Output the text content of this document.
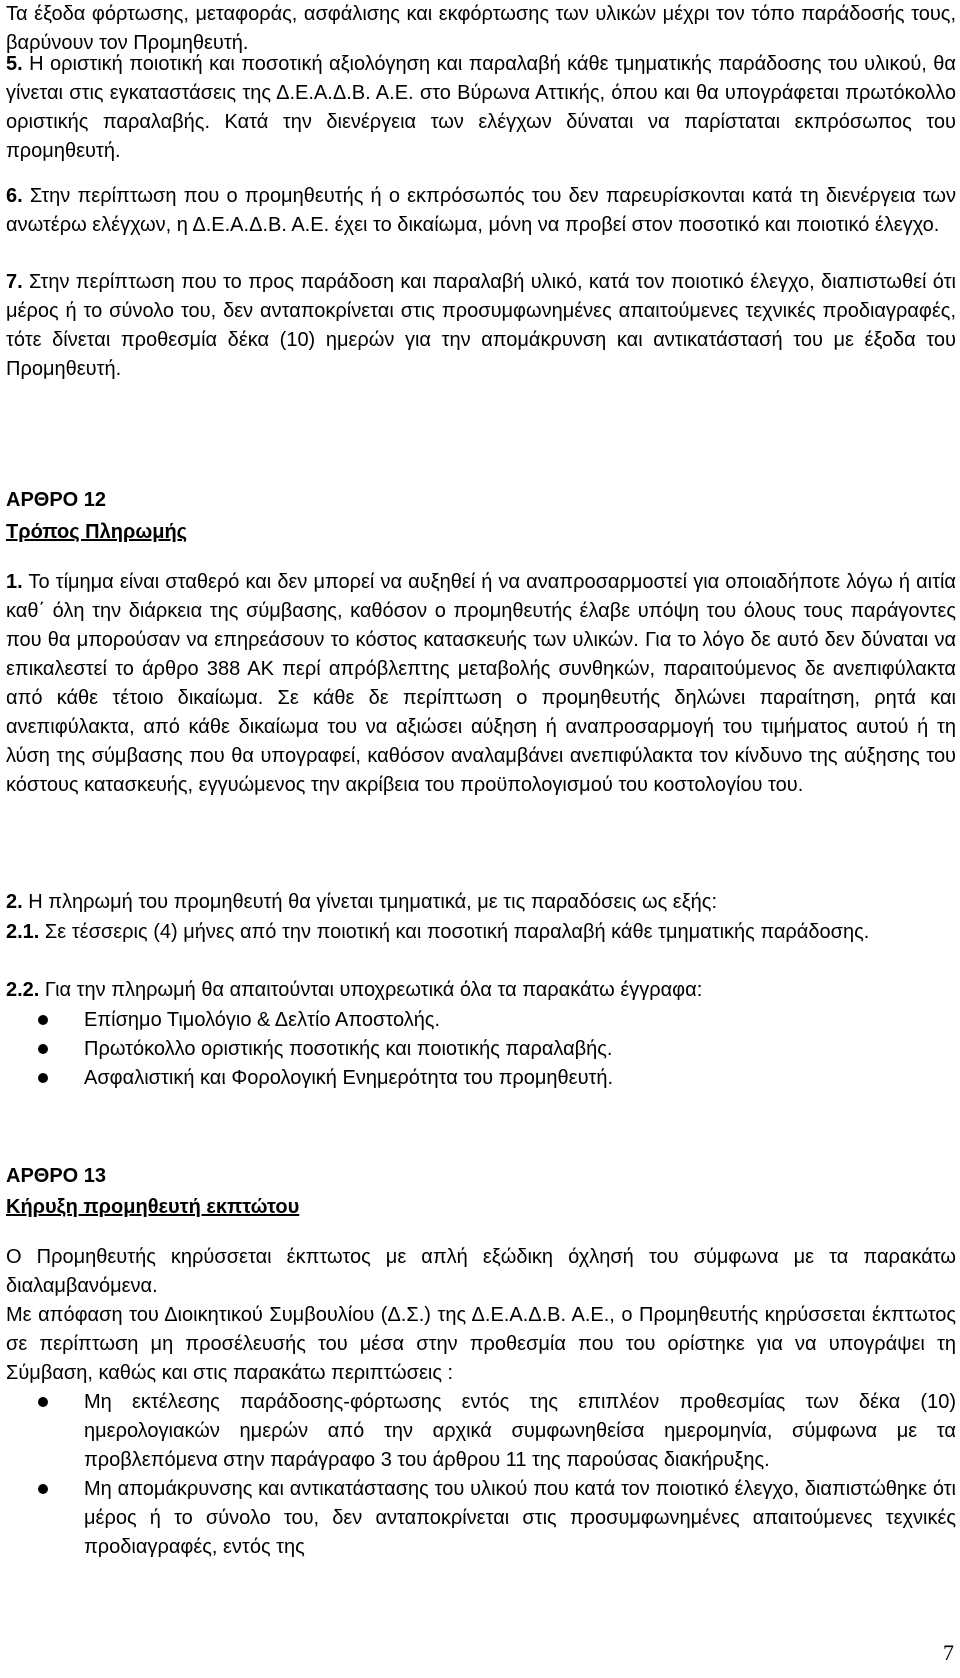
Τα έξοδα φόρτωσης, μεταφοράς, ασφάλισης και εκφόρτωσης των υλικών μέχρι τον τόπο παράδοσής τους, βαρύνουν τον Προμηθευτή.

5. Η οριστική ποιοτική και ποσοτική αξιολόγηση και παραλαβή κάθε τμηματικής παράδοσης του υλικού, θα γίνεται στις εγκαταστάσεις της Δ.Ε.Α.Δ.Β. Α.Ε. στο Βύρωνα Αττικής, όπου και θα υπογράφεται πρωτόκολλο οριστικής παραλαβής. Κατά την διενέργεια των ελέγχων δύναται να παρίσταται εκπρόσωπος του προμηθευτή.

6. Στην περίπτωση που ο προμηθευτής ή ο εκπρόσωπός του δεν παρευρίσκονται κατά τη διενέργεια των ανωτέρω ελέγχων, η Δ.Ε.Α.Δ.Β. Α.Ε. έχει το δικαίωμα, μόνη να προβεί στον ποσοτικό και ποιοτικό έλεγχο.

7. Στην περίπτωση που το προς παράδοση και παραλαβή υλικό, κατά τον ποιοτικό έλεγχο, διαπιστωθεί ότι μέρος ή το σύνολο του, δεν ανταποκρίνεται στις προσυμφωνημένες απαιτούμενες τεχνικές προδιαγραφές, τότε δίνεται προθεσμία δέκα (10) ημερών για την απομάκρυνση και αντικατάστασή του με έξοδα του Προμηθευτή.

ΑΡΘΡΟ 12
Τρόπος Πληρωμής

1. Το τίμημα είναι σταθερό και δεν μπορεί να αυξηθεί ή να αναπροσαρμοστεί για οποιαδήποτε λόγω ή αιτία καθ΄ όλη την διάρκεια της σύμβασης, καθόσον ο προμηθευτής έλαβε υπόψη του όλους τους παράγοντες που θα μπορούσαν να επηρεάσουν το κόστος κατασκευής των υλικών. Για το λόγο δε αυτό δεν δύναται να επικαλεστεί το άρθρο 388 ΑΚ περί απρόβλεπτης μεταβολής συνθηκών, παραιτούμενος δε ανεπιφύλακτα από κάθε τέτοιο δικαίωμα. Σε κάθε δε περίπτωση ο προμηθευτής δηλώνει παραίτηση, ρητά και ανεπιφύλακτα, από κάθε δικαίωμα του να αξιώσει αύξηση ή αναπροσαρμογή του τιμήματος αυτού ή τη λύση της σύμβασης που θα υπογραφεί, καθόσον αναλαμβάνει ανεπιφύλακτα τον κίνδυνο της αύξησης του κόστους κατασκευής, εγγυώμενος την ακρίβεια του προϋπολογισμού του κοστολογίου του.

2. Η πληρωμή του προμηθευτή θα γίνεται τμηματικά, με τις παραδόσεις ως εξής:

2.1. Σε τέσσερις (4) μήνες από την ποιοτική και ποσοτική παραλαβή κάθε τμηματικής παράδοσης.

2.2. Για την πληρωμή θα απαιτούνται υποχρεωτικά όλα τα παρακάτω έγγραφα:

Επίσημο Τιμολόγιο & Δελτίο Αποστολής.
Πρωτόκολλο οριστικής ποσοτικής και ποιοτικής παραλαβής.
Ασφαλιστική και Φορολογική Ενημερότητα του προμηθευτή.
ΑΡΘΡΟ 13
Κήρυξη προμηθευτή εκπτώτου

Ο Προμηθευτής κηρύσσεται έκπτωτος με απλή εξώδικη όχλησή του σύμφωνα με τα παρακάτω διαλαμβανόμενα.

Με απόφαση του Διοικητικού Συμβουλίου (Δ.Σ.) της Δ.Ε.Α.Δ.Β. Α.Ε., ο Προμηθευτής κηρύσσεται έκπτωτος σε περίπτωση μη προσέλευσής του μέσα στην προθεσμία που του ορίστηκε για να υπογράψει τη Σύμβαση, καθώς και στις παρακάτω περιπτώσεις :

Μη εκτέλεσης παράδοσης-φόρτωσης εντός της επιπλέον προθεσμίας των δέκα (10) ημερολογιακών ημερών από την αρχικά συμφωνηθείσα ημερομηνία, σύμφωνα με τα προβλεπόμενα στην παράγραφο 3 του άρθρου 11 της παρούσας διακήρυξης.
Μη απομάκρυνσης και αντικατάστασης του υλικού που κατά τον ποιοτικό έλεγχο, διαπιστώθηκε ότι μέρος ή το σύνολο του, δεν ανταποκρίνεται στις προσυμφωνημένες απαιτούμενες τεχνικές προδιαγραφές, εντός της
7
